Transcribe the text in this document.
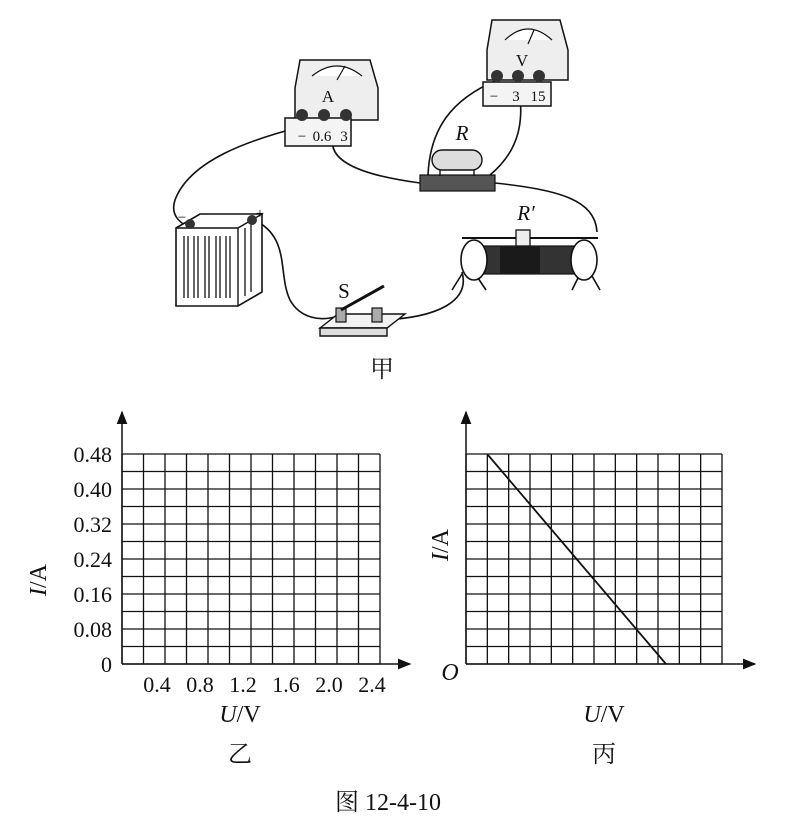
A
− 0.6 3
V
− 3 15
R
R′
−	+
S
甲
0.48
0.40
0.32
0.24
0.16
0.08
0
0.4 0.8 1.2 1.6 2.0 2.4
I/A
U/V
乙
O
I/A
U/V
丙
图 12-4-10
